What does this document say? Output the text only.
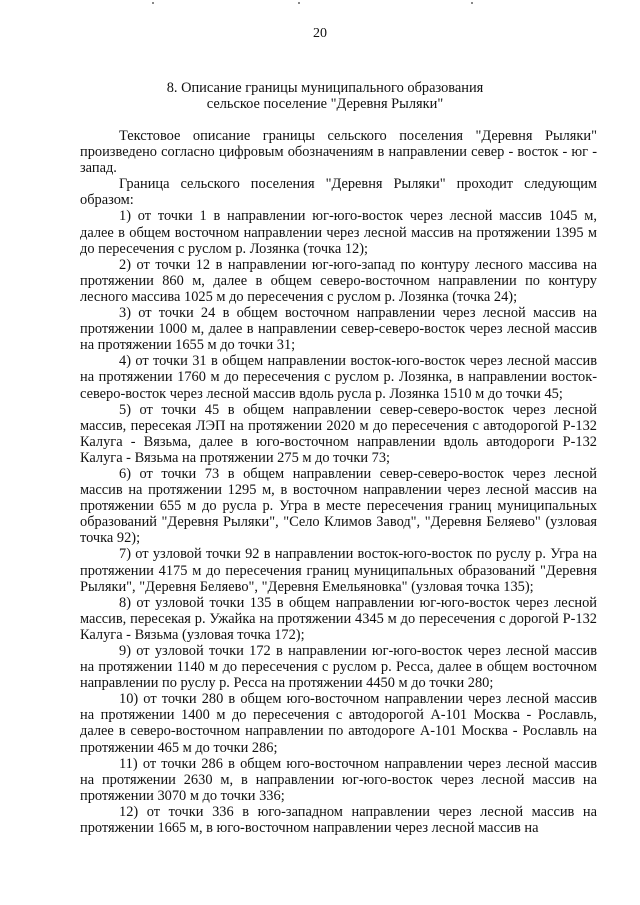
20
8. Описание границы муниципального образования
сельское поселение "Деревня Рыляки"

Текстовое описание границы сельского поселения "Деревня Рыляки" произведено согласно цифровым обозначениям в направлении север - восток - юг - запад.

Граница сельского поселения "Деревня Рыляки" проходит следующим образом:

1) от точки 1 в направлении юг-юго-восток через лесной массив 1045 м, далее в общем восточном направлении через лесной массив на протяжении 1395 м до пересечения с руслом р. Лозянка (точка 12);

2) от точки 12 в направлении юг-юго-запад по контуру лесного массива на протяжении 860 м, далее в общем северо-восточном направлении по контуру лесного массива 1025 м до пересечения с руслом р. Лозянка (точка 24);

3) от точки 24 в общем восточном направлении через лесной массив на протяжении 1000 м, далее в направлении север-северо-восток через лесной массив на протяжении 1655 м до точки 31;

4) от точки 31 в общем направлении восток-юго-восток через лесной массив на протяжении 1760 м до пересечения с руслом р. Лозянка, в направлении восток-северо-восток через лесной массив вдоль русла р. Лозянка 1510 м до точки 45;

5) от точки 45 в общем направлении север-северо-восток через лесной массив, пересекая ЛЭП на протяжении 2020 м до пересечения с автодорогой Р-132 Калуга - Вязьма, далее в юго-восточном направлении вдоль автодороги Р-132 Калуга - Вязьма на протяжении 275 м до точки 73;

6) от точки 73 в общем направлении север-северо-восток через лесной массив на протяжении 1295 м, в восточном направлении через лесной массив на протяжении 655 м до русла р. Угра в месте пересечения границ муниципальных образований "Деревня Рыляки", "Село Климов Завод", "Деревня Беляево" (узловая точка 92);

7) от узловой точки 92 в направлении восток-юго-восток по руслу р. Угра на протяжении 4175 м до пересечения границ муниципальных образований "Деревня Рыляки", "Деревня Беляево", "Деревня Емельяновка" (узловая точка 135);

8) от узловой точки 135 в общем направлении юг-юго-восток через лесной массив, пересекая р. Ужайка на протяжении 4345 м до пересечения с дорогой Р-132 Калуга - Вязьма (узловая точка 172);

9) от узловой точки 172 в направлении юг-юго-восток через лесной массив на протяжении 1140 м до пересечения с руслом р. Ресса, далее в общем восточном направлении по руслу р. Ресса на протяжении 4450 м до точки 280;

10) от точки 280 в общем юго-восточном направлении через лесной массив на протяжении 1400 м до пересечения с автодорогой А-101 Москва - Рославль, далее в северо-восточном направлении по автодороге А-101 Москва - Рославль на протяжении 465 м до точки 286;

11) от точки 286 в общем юго-восточном направлении через лесной массив на протяжении 2630 м, в направлении юг-юго-восток через лесной массив на протяжении 3070 м до точки 336;

12) от точки 336 в юго-западном направлении через лесной массив на протяжении 1665 м, в юго-восточном направлении через лесной массив на
